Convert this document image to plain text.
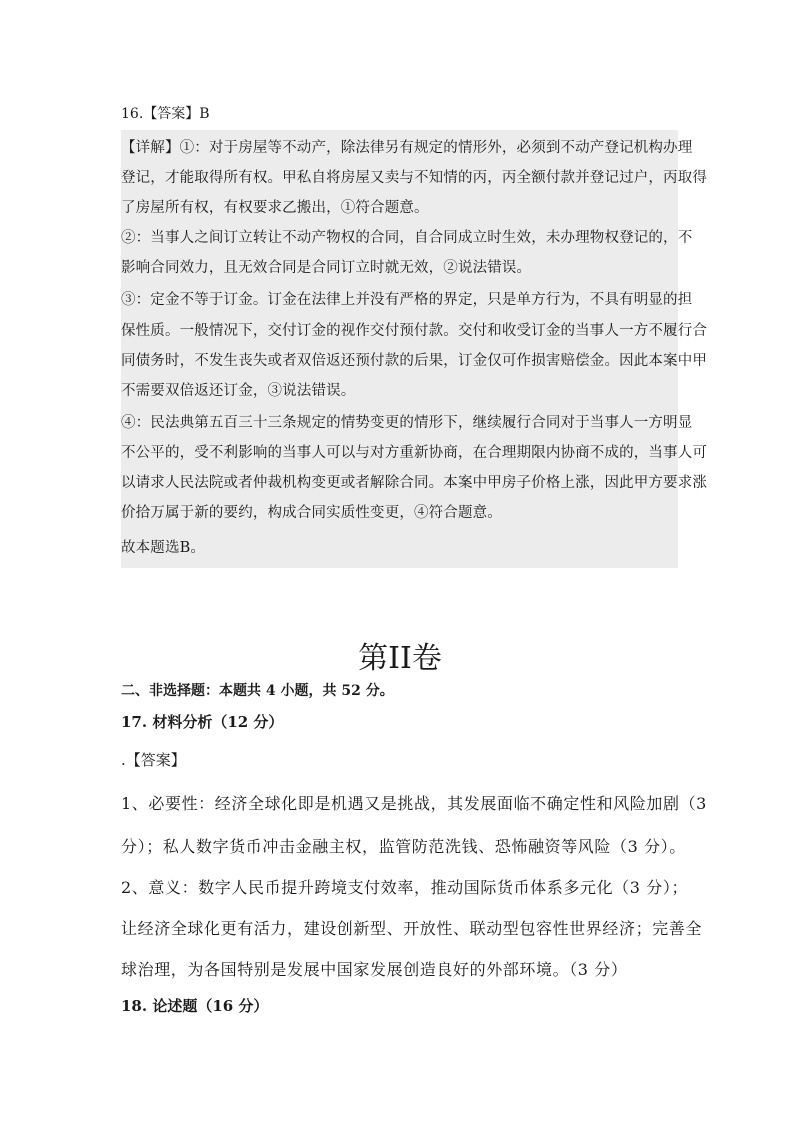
16.【答案】B
【详解】①：对于房屋等不动产，除法律另有规定的情形外，必须到不动产登记机构办理
登记，才能取得所有权。甲私自将房屋又卖与不知情的丙，丙全额付款并登记过户，丙取得
了房屋所有权，有权要求乙搬出，①符合题意。
②：当事人之间订立转让不动产物权的合同，自合同成立时生效，未办理物权登记的，不
影响合同效力，且无效合同是合同订立时就无效，②说法错误。
③：定金不等于订金。订金在法律上并没有严格的界定，只是单方行为，不具有明显的担
保性质。一般情况下，交付订金的视作交付预付款。交付和收受订金的当事人一方不履行合
同债务时，不发生丧失或者双倍返还预付款的后果，订金仅可作损害赔偿金。因此本案中甲
不需要双倍返还订金，③说法错误。
④：民法典第五百三十三条规定的情势变更的情形下，继续履行合同对于当事人一方明显
不公平的，受不利影响的当事人可以与对方重新协商，在合理期限内协商不成的，当事人可
以请求人民法院或者仲裁机构变更或者解除合同。本案中甲房子价格上涨，因此甲方要求涨
价拾万属于新的要约，构成合同实质性变更，④符合题意。
故本题选B。
第II卷
二、非选择题：本题共 4 小题，共 52 分。
17. 材料分析（12 分）
.【答案】
1、必要性：经济全球化即是机遇又是挑战，其发展面临不确定性和风险加剧（3
分）；私人数字货币冲击金融主权，监管防范洗钱、恐怖融资等风险（3 分）。
2、意义：数字人民币提升跨境支付效率，推动国际货币体系多元化（3 分）；
让经济全球化更有活力，建设创新型、开放性、联动型包容性世界经济；完善全
球治理，为各国特别是发展中国家发展创造良好的外部环境。（3 分）
18. 论述题（16 分）
